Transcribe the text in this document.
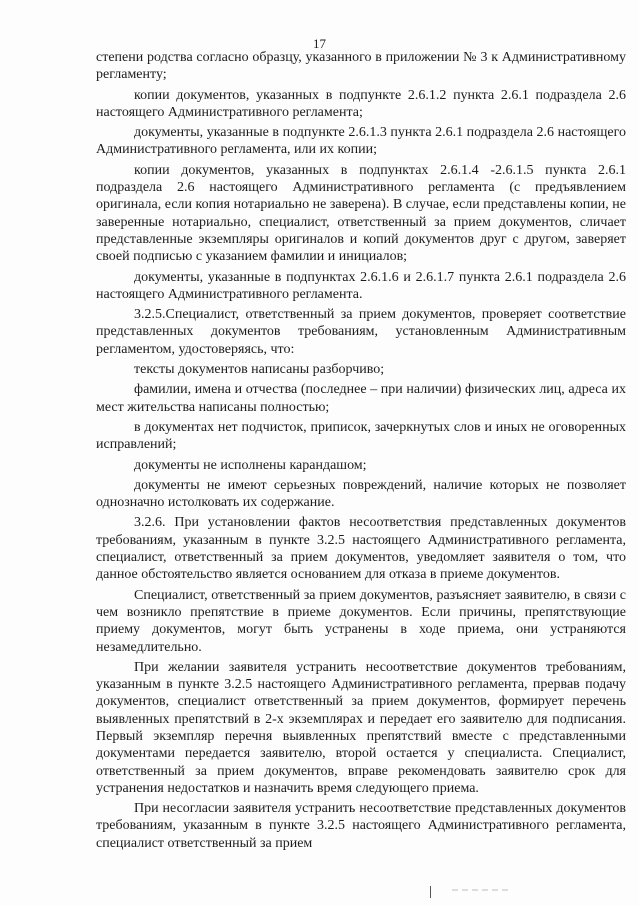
17

степени родства согласно образцу, указанного в приложении № 3 к Административному регламенту;

копии документов, указанных в подпункте 2.6.1.2 пункта 2.6.1 подраздела 2.6 настоящего Административного регламента;

документы, указанные в подпункте 2.6.1.3 пункта 2.6.1 подраздела 2.6 настоящего Административного регламента, или их копии;

копии документов, указанных в подпунктах 2.6.1.4 -2.6.1.5 пункта 2.6.1 подраздела 2.6 настоящего Административного регламента (с предъявлением оригинала, если копия нотариально не заверена). В случае, если представлены копии, не заверенные нотариально, специалист, ответственный за прием документов, сличает представленные экземпляры оригиналов и копий документов друг с другом, заверяет своей подписью с указанием фамилии и инициалов;

документы, указанные в подпунктах 2.6.1.6 и 2.6.1.7 пункта 2.6.1 подраздела 2.6 настоящего Административного регламента.

3.2.5.Специалист, ответственный за прием документов, проверяет соответствие представленных документов требованиям, установленным Административным регламентом, удостоверяясь, что:

тексты документов написаны разборчиво;

фамилии, имена и отчества (последнее – при наличии) физических лиц, адреса их мест жительства написаны полностью;

в документах нет подчисток, приписок, зачеркнутых слов и иных не оговоренных исправлений;

документы не исполнены карандашом;

документы не имеют серьезных повреждений, наличие которых не позволяет однозначно истолковать их содержание.

3.2.6. При установлении фактов несоответствия представленных документов требованиям, указанным в пункте 3.2.5 настоящего Административного регламента, специалист, ответственный за прием документов, уведомляет заявителя о том, что данное обстоятельство является основанием для отказа в приеме документов.

Специалист, ответственный за прием документов, разъясняет заявителю, в связи с чем возникло препятствие в приеме документов. Если причины, препятствующие приему документов, могут быть устранены в ходе приема, они устраняются незамедлительно.

При желании заявителя устранить несоответствие документов требованиям, указанным в пункте 3.2.5 настоящего Административного регламента, прервав подачу документов, специалист ответственный за прием документов, формирует перечень выявленных препятствий в 2-х экземплярах и передает его заявителю для подписания. Первый экземпляр перечня выявленных препятствий вместе с представленными документами передается заявителю, второй остается у специалиста. Специалист, ответственный за прием документов, вправе рекомендовать заявителю срок для устранения недостатков и назначить время следующего приема.

При несогласии заявителя устранить несоответствие представленных документов требованиям, указанным в пункте 3.2.5 настоящего Административного регламента, специалист ответственный за прием
